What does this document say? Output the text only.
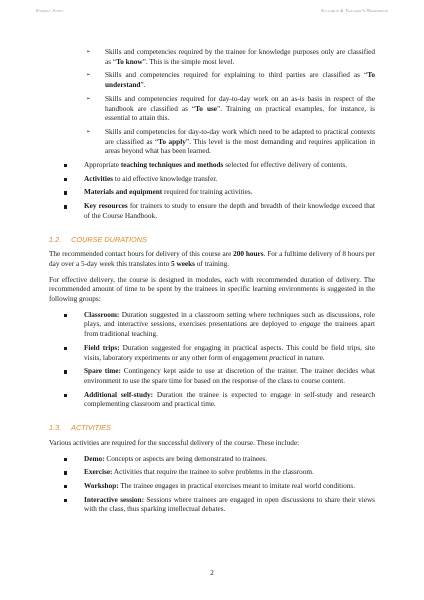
Energy Audit	Syllabus & Teacher's Reference
➢ Skills and competencies required by the trainee for knowledge purposes only are classified as “To know”. This is the simple most level.
➢ Skills and competencies required for explaining to third parties are classified as “To understand”.
➢ Skills and competencies required for day-to-day work on an as-is basis in respect of the handbook are classified as “To use”. Training on practical examples, for instance, is essential to attain this.
➢ Skills and competencies for day-to-day work which need to be adapted to practical contexts are classified as “To apply”. This level is the most demanding and requires application in areas beyond what has been learned.
Appropriate teaching techniques and methods selected for effective delivery of contents.
Activities to aid effective knowledge transfer.
Materials and equipment required for training activities.
Key resources for trainers to study to ensure the depth and breadth of their knowledge exceed that of the Course Handbook.
1.2. COURSE DURATIONS

The recommended contact hours for delivery of this course are 200 hours. For a fulltime delivery of 8 hours per day over a 5-day week this translates into 5 weeks of training.

For effective delivery, the course is designed in modules, each with recommended duration of delivery. The recommended amount of time to be spent by the trainees in specific learning environments is suggested in the following groups:

Classroom: Duration suggested in a classroom setting where techniques such as discussions, role plays, and interactive sessions, exercises presentations are deployed to engage the trainees apart from traditional teaching.
Field trips: Duration suggested for engaging in practical aspects. This could be field trips, site visits, laboratory experiments or any other form of engagement practical in nature.
Spare time: Contingency kept aside to use at discretion of the trainer. The trainer decides what environment to use the spare time for based on the response of the class to course content.
Additional self-study: Duration the trainee is expected to engage in self-study and research complementing classroom and practical time.
1.3. ACTIVITIES

Various activities are required for the successful delivery of the course. These include:

Demo: Concepts or aspects are being demonstrated to trainees.
Exercise: Activities that require the trainee to solve problems in the classroom.
Workshop: The trainee engages in practical exercises meant to imitate real world conditions.
Interactive session: Sessions where trainees are engaged in open discussions to share their views with the class, thus sparking intellectual debates.
2
